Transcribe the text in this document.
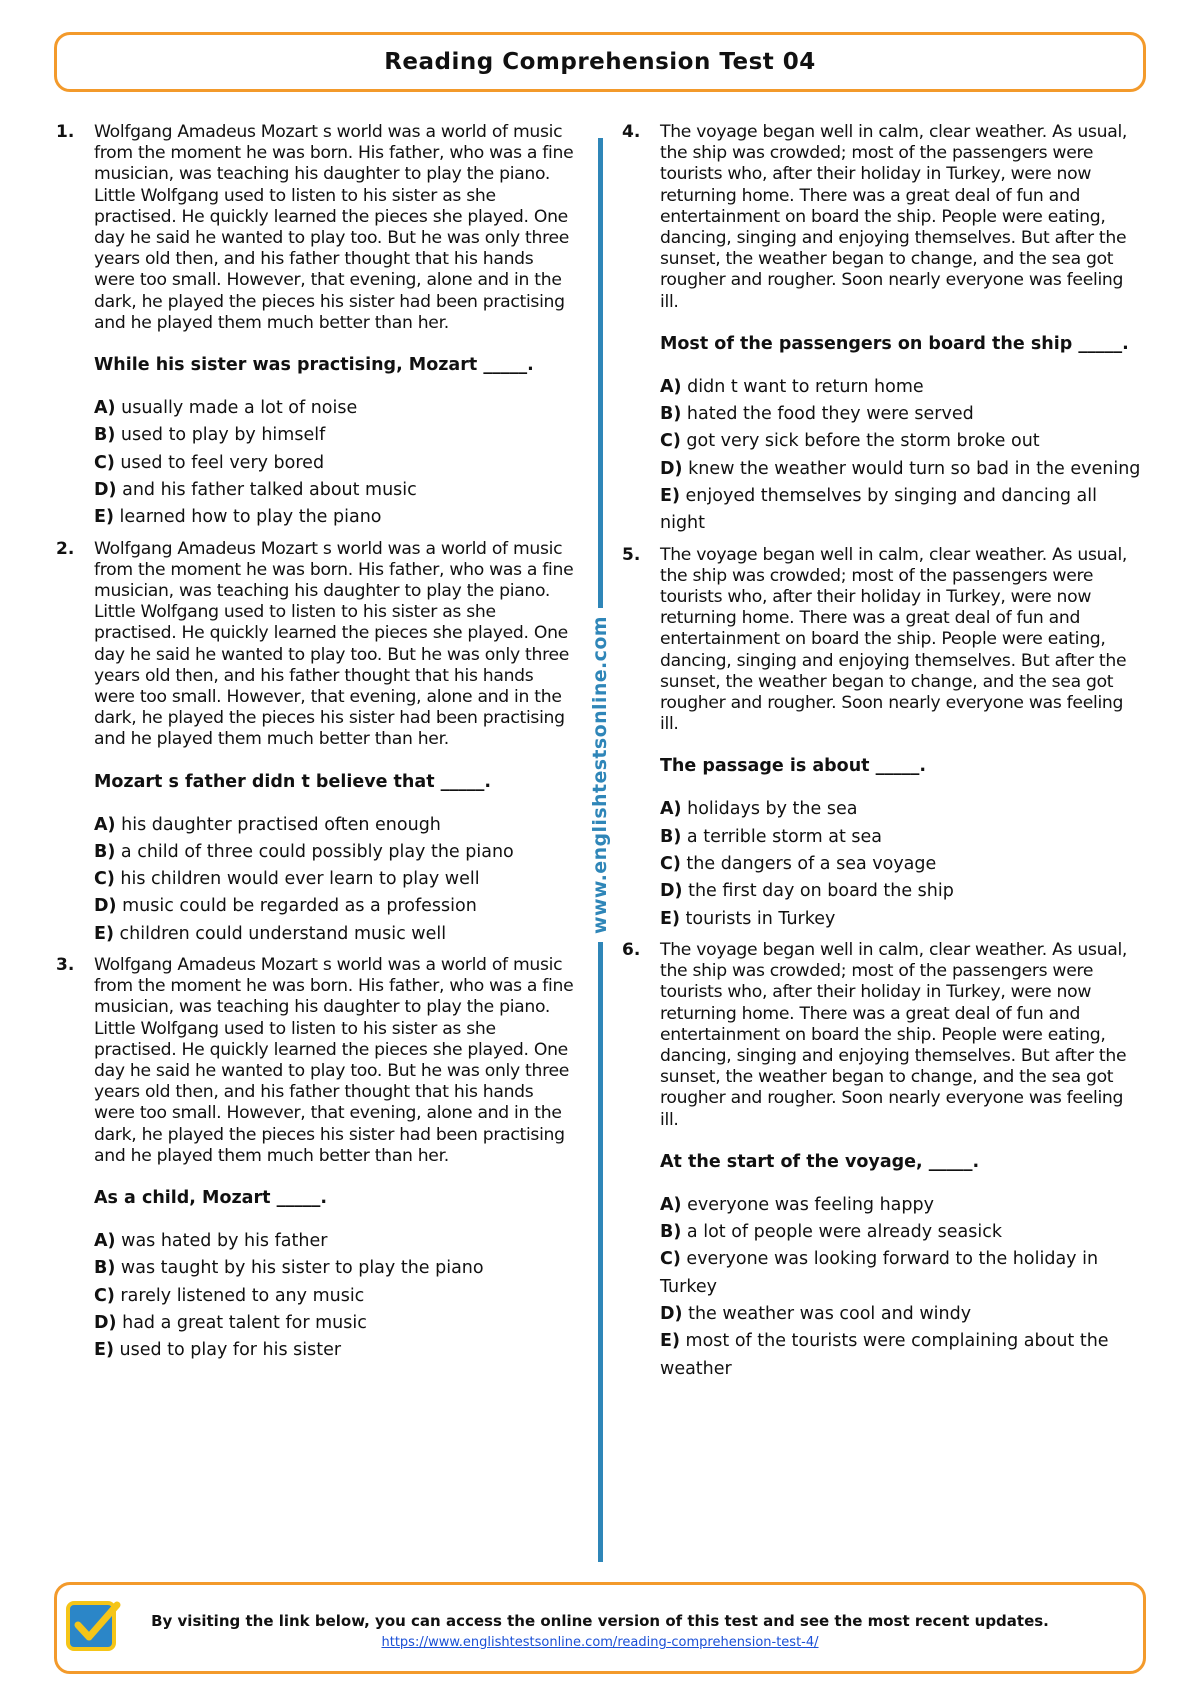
Reading Comprehension Test 04
www.englishtestsonline.com
1.	Wolfgang Amadeus Mozart s world was a world of music from the moment he was born. His father, who was a fine musician, was teaching his daughter to play the piano. Little Wolfgang used to listen to his sister as she practised. He quickly learned the pieces she played. One day he said he wanted to play too. But he was only three years old then, and his father thought that his hands were too small. However, that evening, alone and in the dark, he played the pieces his sister had been practising and he played them much better than her.

While his sister was practising, Mozart _____.

A) usually made a lot of noise
B) used to play by himself
C) used to feel very bored
D) and his father talked about music
E) learned how to play the piano
2.	Wolfgang Amadeus Mozart s world was a world of music from the moment he was born. His father, who was a fine musician, was teaching his daughter to play the piano. Little Wolfgang used to listen to his sister as she practised. He quickly learned the pieces she played. One day he said he wanted to play too. But he was only three years old then, and his father thought that his hands were too small. However, that evening, alone and in the dark, he played the pieces his sister had been practising and he played them much better than her.

Mozart s father didn t believe that _____.

A) his daughter practised often enough
B) a child of three could possibly play the piano
C) his children would ever learn to play well
D) music could be regarded as a profession
E) children could understand music well
3.	Wolfgang Amadeus Mozart s world was a world of music from the moment he was born. His father, who was a fine musician, was teaching his daughter to play the piano. Little Wolfgang used to listen to his sister as she practised. He quickly learned the pieces she played. One day he said he wanted to play too. But he was only three years old then, and his father thought that his hands were too small. However, that evening, alone and in the dark, he played the pieces his sister had been practising and he played them much better than her.

As a child, Mozart _____.

A) was hated by his father
B) was taught by his sister to play the piano
C) rarely listened to any music
D) had a great talent for music
E) used to play for his sister
4.	The voyage began well in calm, clear weather. As usual, the ship was crowded; most of the passengers were tourists who, after their holiday in Turkey, were now returning home. There was a great deal of fun and entertainment on board the ship. People were eating, dancing, singing and enjoying themselves. But after the sunset, the weather began to change, and the sea got rougher and rougher. Soon nearly everyone was feeling ill.

Most of the passengers on board the ship _____.

A) didn t want to return home
B) hated the food they were served
C) got very sick before the storm broke out
D) knew the weather would turn so bad in the evening
E) enjoyed themselves by singing and dancing all night
5.	The voyage began well in calm, clear weather. As usual, the ship was crowded; most of the passengers were tourists who, after their holiday in Turkey, were now returning home. There was a great deal of fun and entertainment on board the ship. People were eating, dancing, singing and enjoying themselves. But after the sunset, the weather began to change, and the sea got rougher and rougher. Soon nearly everyone was feeling ill.

The passage is about _____.

A) holidays by the sea
B) a terrible storm at sea
C) the dangers of a sea voyage
D) the first day on board the ship
E) tourists in Turkey
6.	The voyage began well in calm, clear weather. As usual, the ship was crowded; most of the passengers were tourists who, after their holiday in Turkey, were now returning home. There was a great deal of fun and entertainment on board the ship. People were eating, dancing, singing and enjoying themselves. But after the sunset, the weather began to change, and the sea got rougher and rougher. Soon nearly everyone was feeling ill.

At the start of the voyage, _____.

A) everyone was feeling happy
B) a lot of people were already seasick
C) everyone was looking forward to the holiday in Turkey
D) the weather was cool and windy
E) most of the tourists were complaining about the weather
By visiting the link below, you can access the online version of this test and see the most recent updates.
https://www.englishtestsonline.com/reading-comprehension-test-4/
